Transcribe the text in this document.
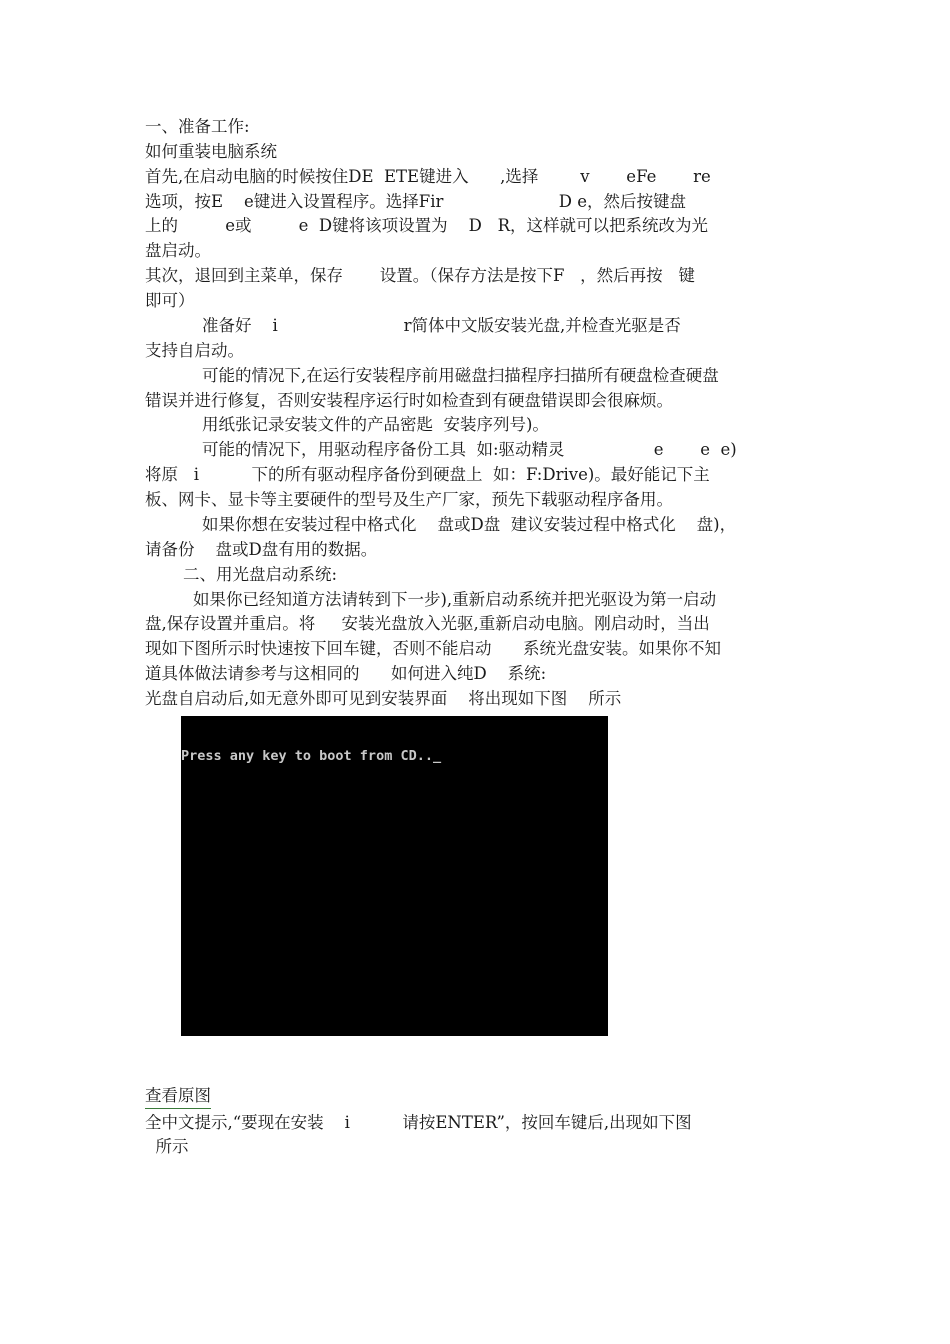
一、准备工作:
如何重装电脑系统
首先,在启动电脑的时候按住DE  ETE键进入      ,选择        v       eFe       re
选项，按E    e键进入设置程序。选择Fir                      D e，然后按键盘
上的         e或         e  D键将该项设置为    D   R，这样就可以把系统改为光
盘启动。
其次，退回到主菜单，保存       设置。（保存方法是按下F   ，然后再按   键
即可）
准备好    i                        r简体中文版安装光盘,并检查光驱是否
支持自启动。
可能的情况下,在运行安装程序前用磁盘扫描程序扫描所有硬盘检查硬盘
错误并进行修复，否则安装程序运行时如检查到有硬盘错误即会很麻烦。
用纸张记录安装文件的产品密匙  安装序列号)。
可能的情况下，用驱动程序备份工具  如:驱动精灵                 e       e  e)
将原   i          下的所有驱动程序备份到硬盘上  如：F:Drive)。最好能记下主
板、网卡、显卡等主要硬件的型号及生产厂家，预先下载驱动程序备用。
如果你想在安装过程中格式化    盘或D盘  建议安装过程中格式化    盘)，
请备份    盘或D盘有用的数据。
二、用光盘启动系统:
如果你已经知道方法请转到下一步),重新启动系统并把光驱设为第一启动
盘,保存设置并重启。将     安装光盘放入光驱,重新启动电脑。刚启动时，当出
现如下图所示时快速按下回车键，否则不能启动      系统光盘安装。如果你不知
道具体做法请参考与这相同的      如何进入纯D    系统:
光盘自启动后,如无意外即可见到安装界面    将出现如下图    所示
Press any key to boot from CD.._
查看原图
全中文提示,“要现在安装    i          请按ENTER”，按回车键后,出现如下图
所示
